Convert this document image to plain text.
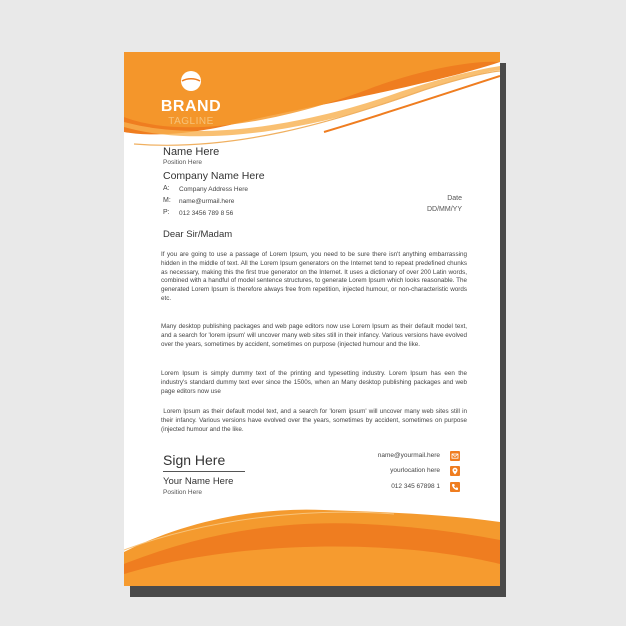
BRAND
TAGLINE
Name Here
Position Here
Company Name Here
A: Company Address Here
M: name@urmail.here
P: 012 3456 789 8 56
Date
DD/MM/YY
Dear Sir/Madam
If you are going to use a passage of Lorem Ipsum, you need to be sure there isn't anything embarrassing hidden in the middle of text. All the Lorem Ipsum generators on the Internet tend to repeat predefined chunks as necessary, making this the first true generator on the Internet. It uses a dictionary of over 200 Latin words, combined with a handful of model sentence structures, to generate Lorem Ipsum which looks reasonable. The generated Lorem Ipsum is therefore always free from repetition, injected humour, or non-characteristic words etc.
Many desktop publishing packages and web page editors now use Lorem Ipsum as their default model text, and a search for 'lorem ipsum' will uncover many web sites still in their infancy. Various versions have evolved over the years, sometimes by accident, sometimes on purpose (injected humour and the like.
Lorem Ipsum is simply dummy text of the printing and typesetting industry. Lorem Ipsum has een the industry's standard dummy text ever since the 1500s, when an Many desktop publishing packages and web page editors now use
Lorem Ipsum as their default model text, and a search for 'lorem ipsum' will uncover many web sites still in their infancy. Various versions have evolved over the years, sometimes by accident, sometimes on purpose (injected humour and the like.
Sign Here
Your Name Here
Position Here
name@yourmail.here
yourlocation here
012 345 67898 1
